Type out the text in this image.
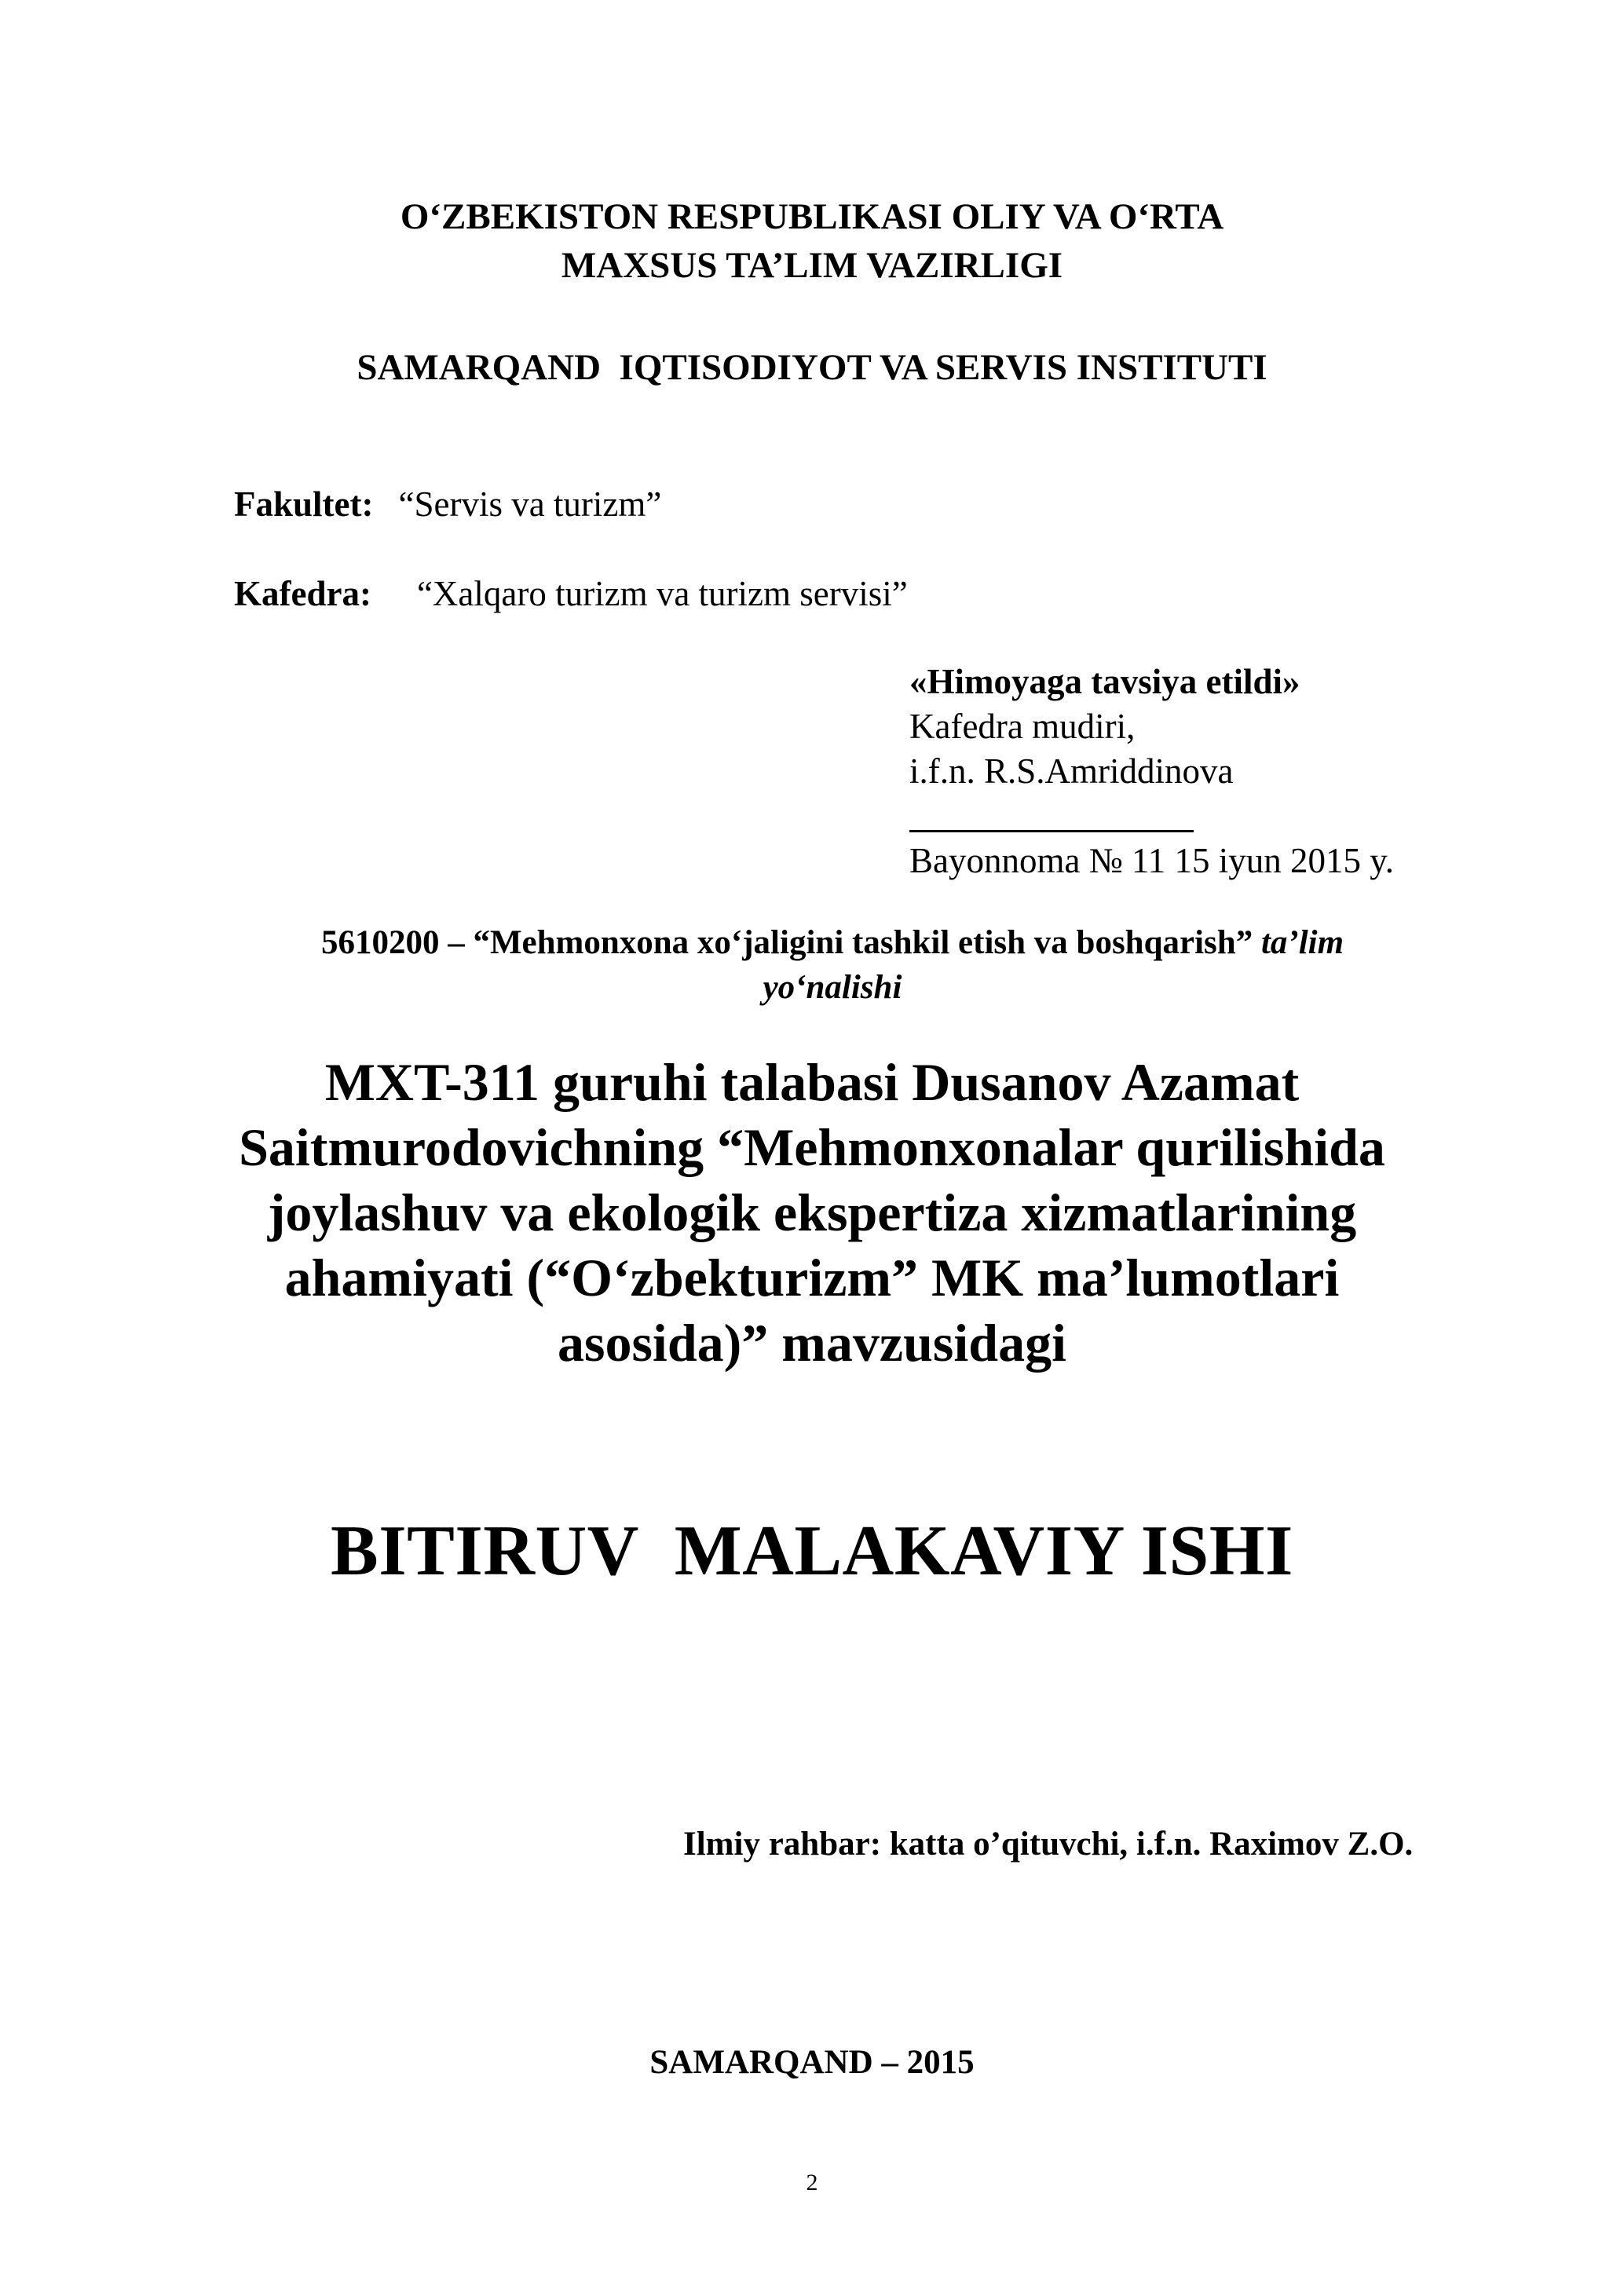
O‘ZBEKISTON RESPUBLIKASI OLIY VA O‘RTA
MAXSUS TA’LIM VAZIRLIGI
SAMARQAND  IQTISODIYOT VA SERVIS INSTITUTI
Fakultet: “Servis va turizm”
Kafedra: “Xalqaro turizm va turizm servisi”
«Himoyaga tavsiya etildi»
Kafedra mudiri,
i.f.n. R.S.Amriddinova
Bayonnoma № 11 15 iyun 2015 y.
5610200 – “Mehmonxona xo‘jaligini tashkil etish va boshqarish” ta’lim
yo‘nalishi
MXT-311 guruhi talabasi Dusanov Azamat
Saitmurodovichning “Mehmonxonalar qurilishida
joylashuv va ekologik ekspertiza xizmatlarining
ahamiyati (“O‘zbekturizm” MK ma’lumotlari
asosida)” mavzusidagi
BITIRUV  MALAKAVIY ISHI
Ilmiy rahbar: katta o’qituvchi, i.f.n. Raximov Z.O.
SAMARQAND – 2015
2
